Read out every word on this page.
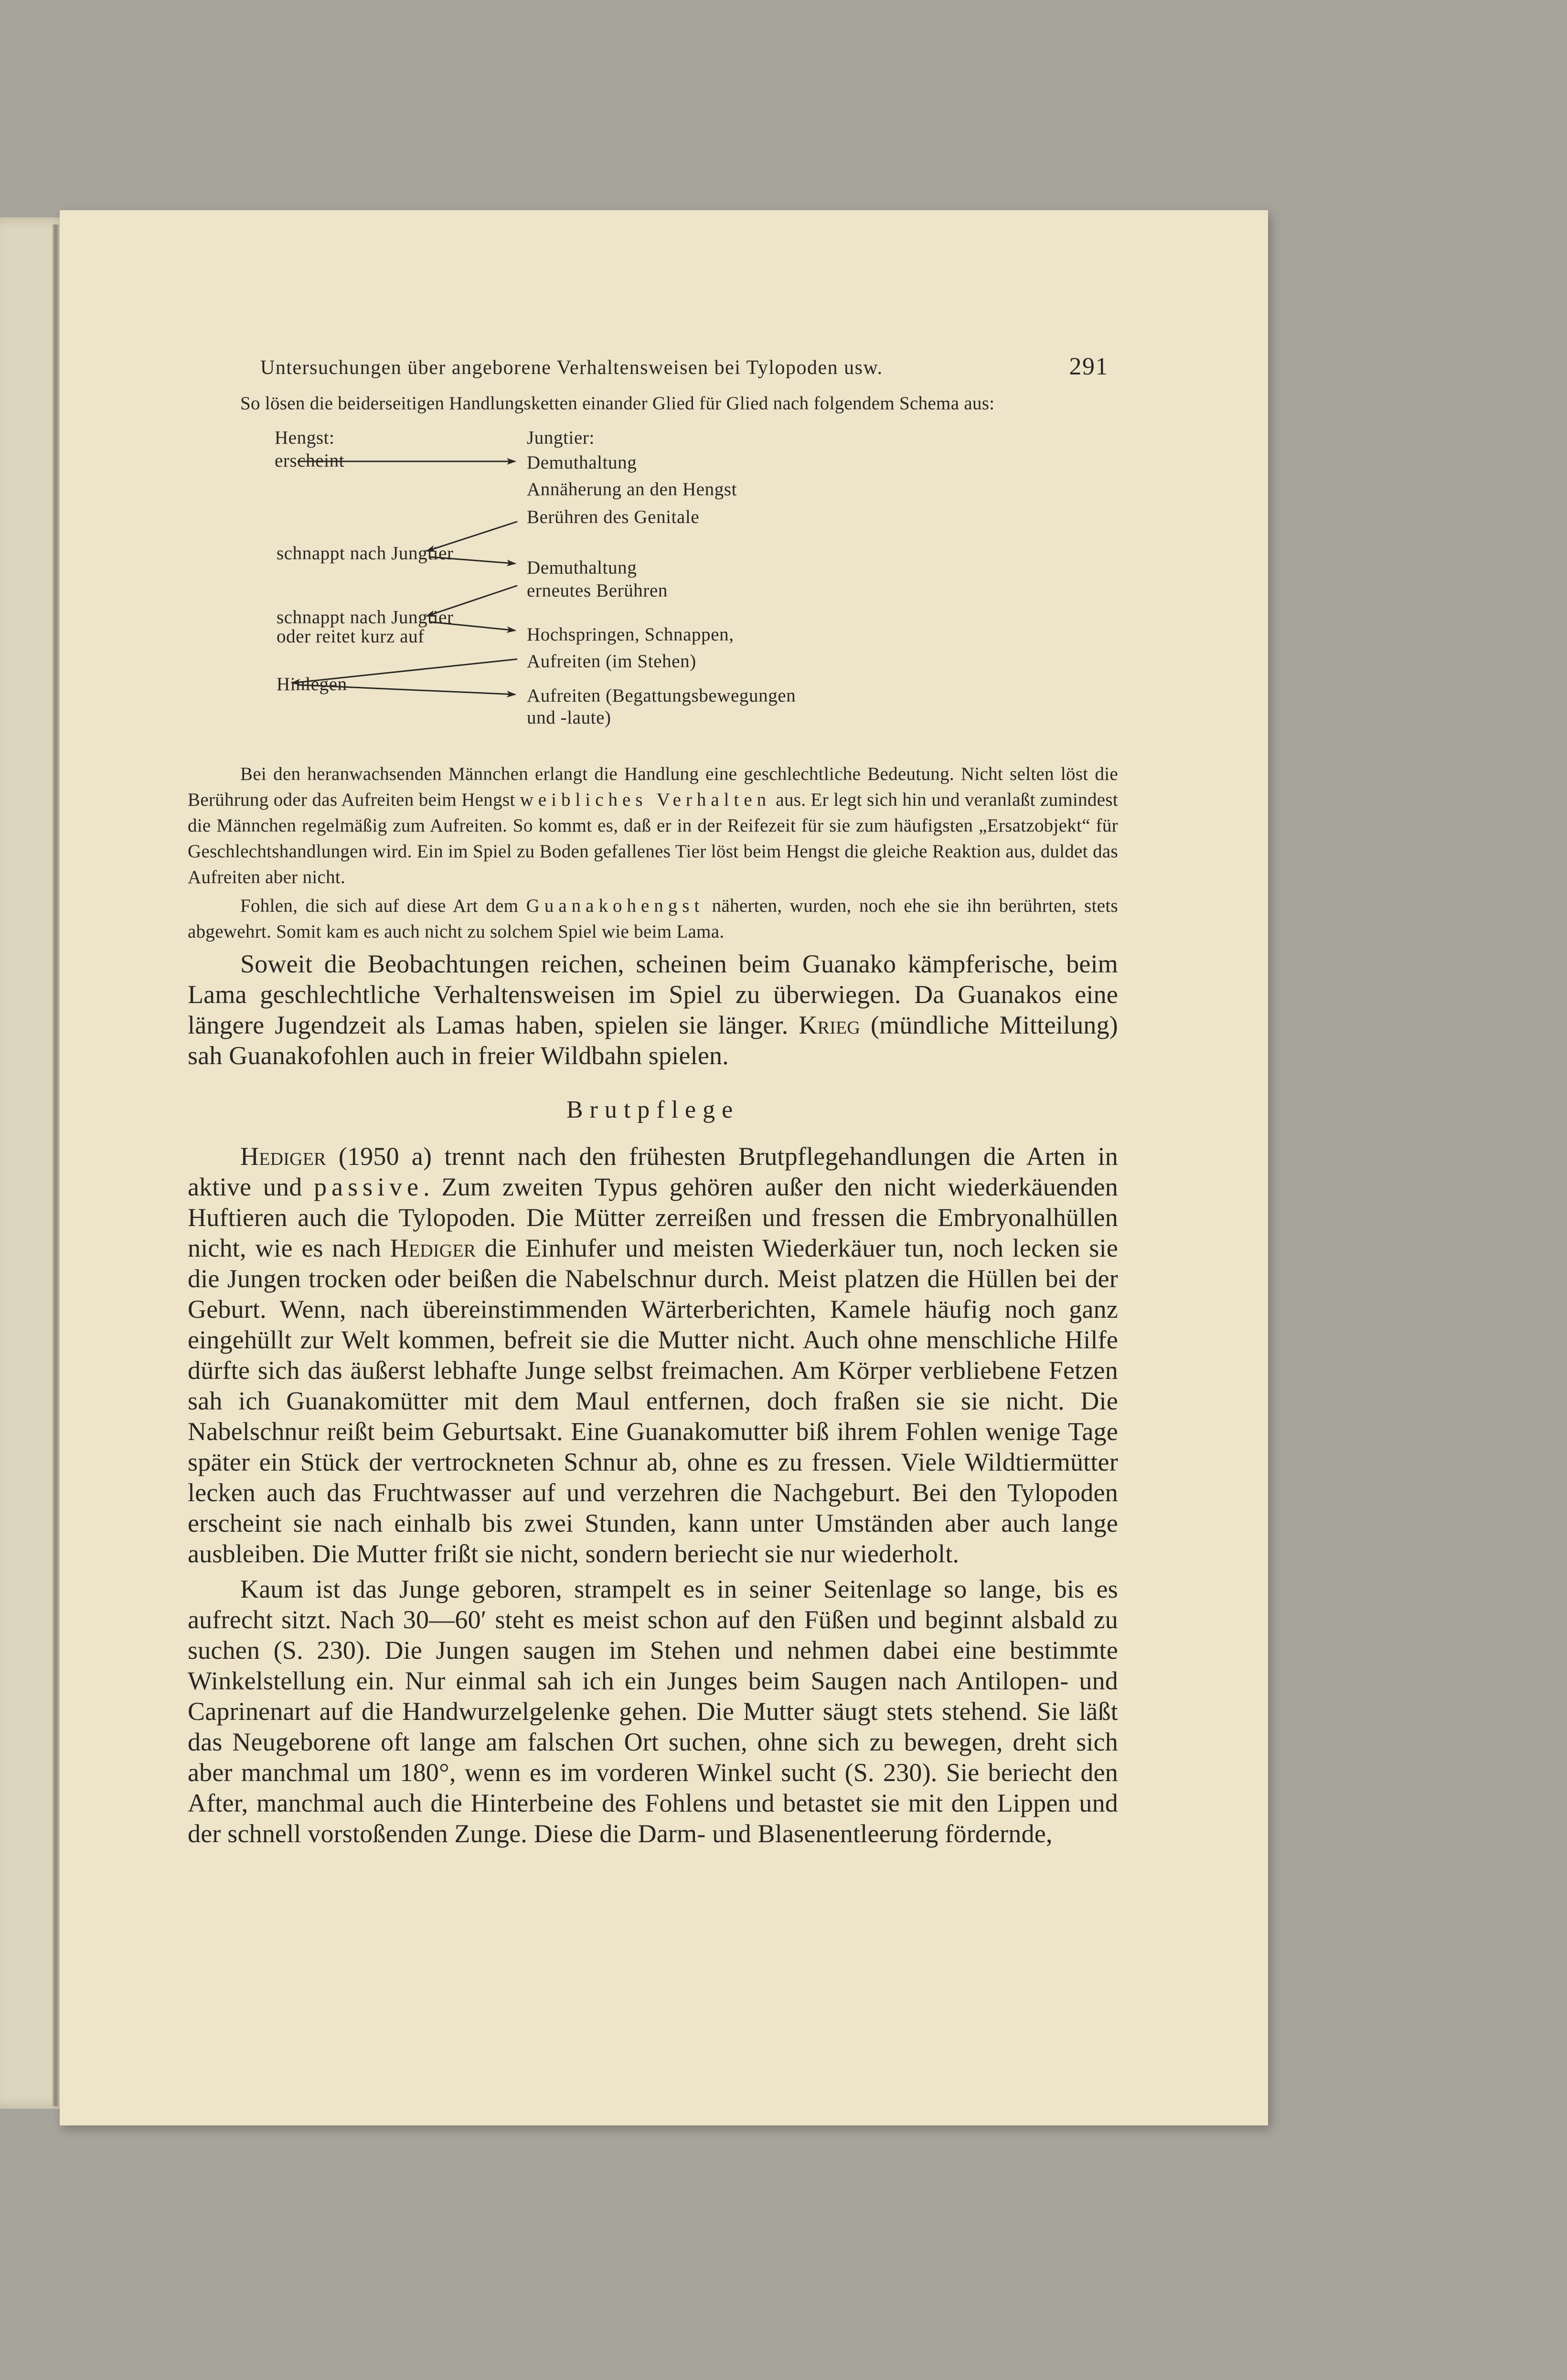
Untersuchungen über angeborene Verhaltensweisen bei Tylopoden usw.	291

So lösen die beiderseitigen Handlungsketten einander Glied für Glied nach folgendem Schema aus:

Hengst:	Jungtier:
erscheint	Demuthaltung
Annäherung an den Hengst
Berühren des Genitale
schnappt nach Jungtier
Demuthaltung
erneutes Berühren
schnappt nach Jungtier
oder reitet kurz auf	Hochspringen, Schnappen,
Aufreiten (im Stehen)
Hinlegen
Aufreiten (Begattungsbewegungen
und -laute)

Bei den heranwachsenden Männchen erlangt die Handlung eine geschlechtliche Bedeutung. Nicht selten löst die Berührung oder das Aufreiten beim Hengst weibliches Verhalten aus. Er legt sich hin und veranlaßt zumindest die Männchen regelmäßig zum Aufreiten. So kommt es, daß er in der Reifezeit für sie zum häufigsten „Ersatzobjekt“ für Geschlechtshandlungen wird. Ein im Spiel zu Boden gefallenes Tier löst beim Hengst die gleiche Reaktion aus, duldet das Aufreiten aber nicht.

Fohlen, die sich auf diese Art dem Guanakohengst näherten, wurden, noch ehe sie ihn berührten, stets abgewehrt. Somit kam es auch nicht zu solchem Spiel wie beim Lama.

Soweit die Beobachtungen reichen, scheinen beim Guanako kämpferische, beim Lama geschlechtliche Verhaltensweisen im Spiel zu überwiegen. Da Guanakos eine längere Jugendzeit als Lamas haben, spielen sie länger. Krieg (mündliche Mitteilung) sah Guanakofohlen auch in freier Wildbahn spielen.

Brutpflege

Hediger (1950 a) trennt nach den frühesten Brutpflegehandlungen die Arten in aktive und passive. Zum zweiten Typus gehören außer den nicht wiederkäuenden Huftieren auch die Tylopoden. Die Mütter zerreißen und fressen die Embryonalhüllen nicht, wie es nach Hediger die Einhufer und meisten Wiederkäuer tun, noch lecken sie die Jungen trocken oder beißen die Nabelschnur durch. Meist platzen die Hüllen bei der Geburt. Wenn, nach übereinstimmenden Wärterberichten, Kamele häufig noch ganz eingehüllt zur Welt kommen, befreit sie die Mutter nicht. Auch ohne menschliche Hilfe dürfte sich das äußerst lebhafte Junge selbst freimachen. Am Körper verbliebene Fetzen sah ich Guanakomütter mit dem Maul entfernen, doch fraßen sie sie nicht. Die Nabelschnur reißt beim Geburtsakt. Eine Guanakomutter biß ihrem Fohlen wenige Tage später ein Stück der vertrockneten Schnur ab, ohne es zu fressen. Viele Wildtiermütter lecken auch das Fruchtwasser auf und verzehren die Nachgeburt. Bei den Tylopoden erscheint sie nach einhalb bis zwei Stunden, kann unter Umständen aber auch lange ausbleiben. Die Mutter frißt sie nicht, sondern beriecht sie nur wiederholt.

Kaum ist das Junge geboren, strampelt es in seiner Seitenlage so lange, bis es aufrecht sitzt. Nach 30—60′ steht es meist schon auf den Füßen und beginnt alsbald zu suchen (S. 230). Die Jungen saugen im Stehen und nehmen dabei eine bestimmte Winkelstellung ein. Nur einmal sah ich ein Junges beim Saugen nach Antilopen- und Caprinenart auf die Handwurzelgelenke gehen. Die Mutter säugt stets stehend. Sie läßt das Neugeborene oft lange am falschen Ort suchen, ohne sich zu bewegen, dreht sich aber manchmal um 180°, wenn es im vorderen Winkel sucht (S. 230). Sie beriecht den After, manchmal auch die Hinterbeine des Fohlens und betastet sie mit den Lippen und der schnell vorstoßenden Zunge. Diese die Darm- und Blasenentleerung fördernde,
